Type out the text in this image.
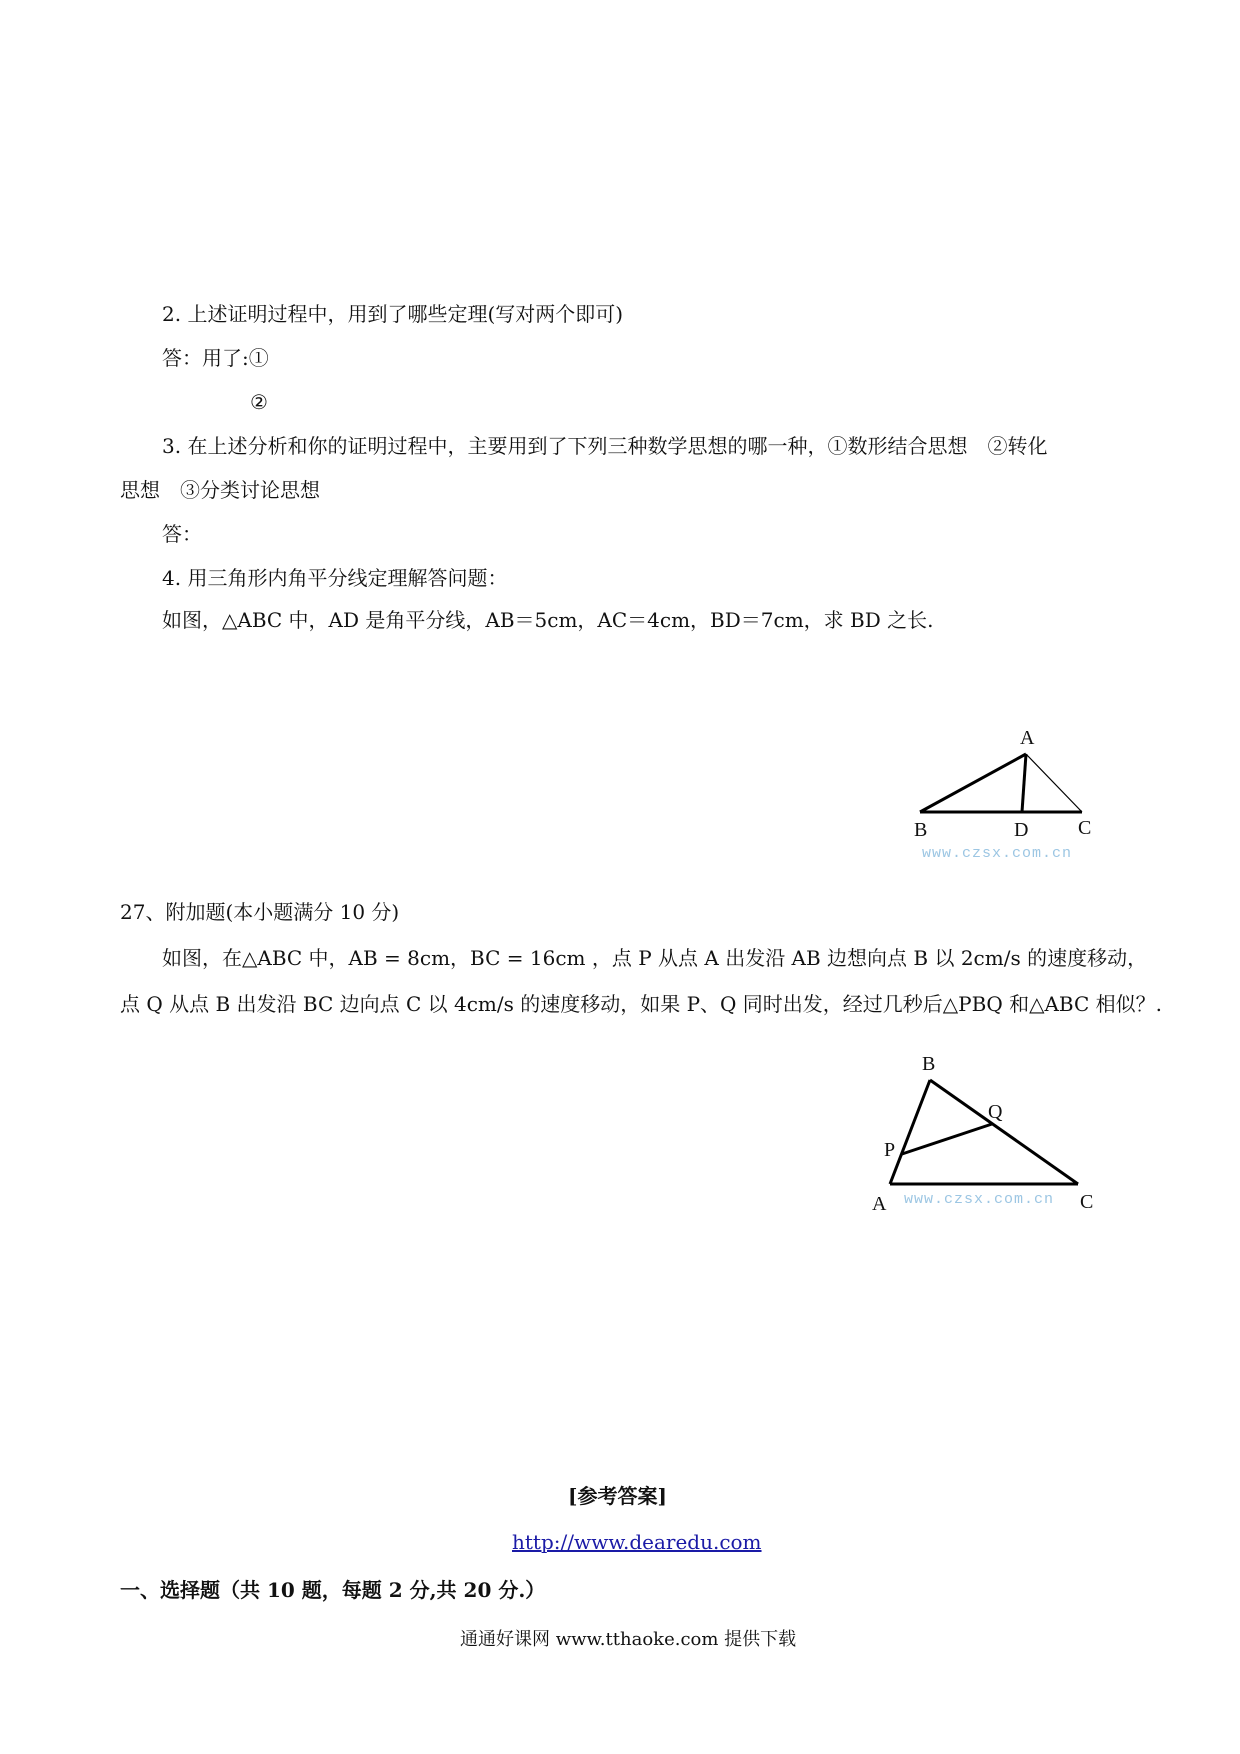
2. 上述证明过程中，用到了哪些定理(写对两个即可)
答：用了:①
②
3. 在上述分析和你的证明过程中，主要用到了下列三种数学思想的哪一种，①数形结合思想　②转化
思想　③分类讨论思想
答：
4. 用三角形内角平分线定理解答问题：
如图，△ABC 中，AD 是角平分线，AB＝5cm，AC＝4cm，BD＝7cm，求 BD 之长.
A
B	D C
www.czsx.com.cn
27、附加题(本小题满分 10 分)
如图，在△ABC 中，AB = 8cm，BC = 16cm ，点 P 从点 A 出发沿 AB 边想向点 B 以 2cm/s 的速度移动，
点 Q 从点 B 出发沿 BC 边向点 C 以 4cm/s 的速度移动，如果 P、Q 同时出发，经过几秒后△PBQ 和△ABC 相似？.
B
Q
P
A	C
www.czsx.com.cn
[参考答案]
http://www.dearedu.com
一、选择题（共 10 题，每题 2 分,共 20 分.）
通通好课网 www.tthaoke.com 提供下载
